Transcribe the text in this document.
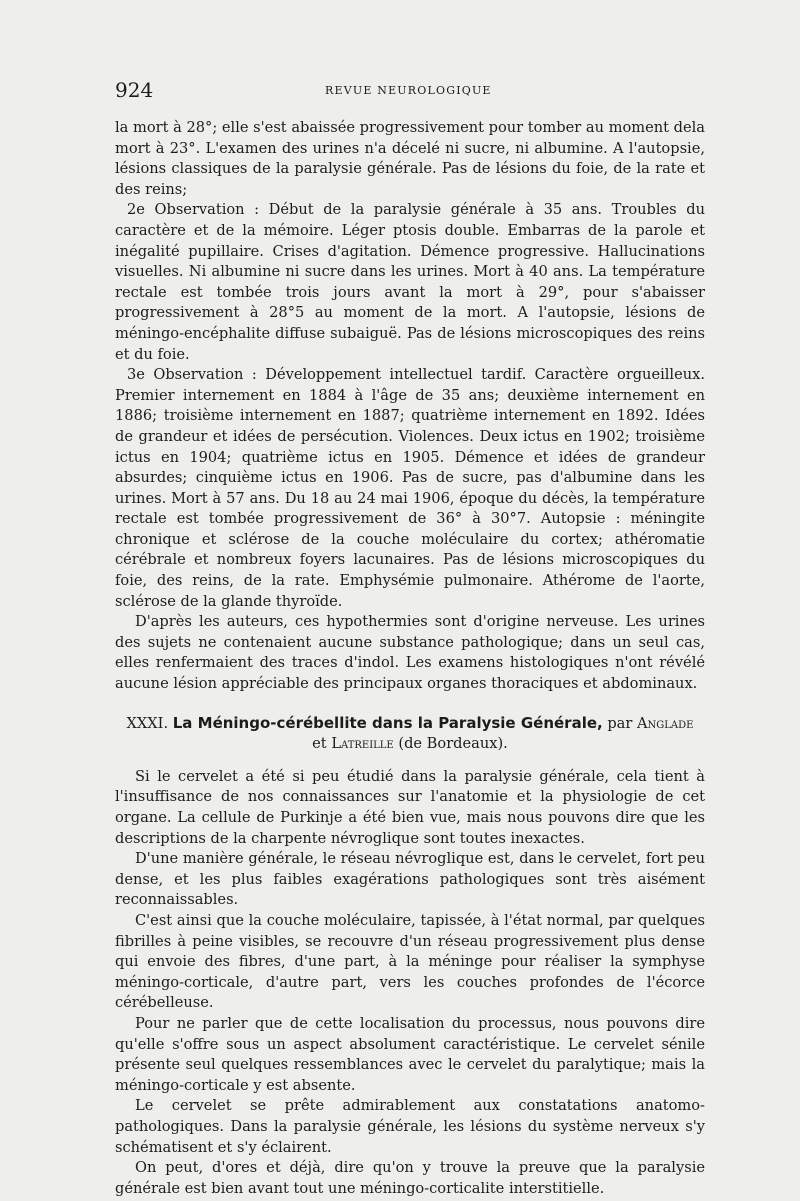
924	REVUE NEUROLOGIQUE

la mort à 28°; elle s'est abaissée progressivement pour tomber au moment dela mort à 23°. L'examen des urines n'a décelé ni sucre, ni albumine. A l'autopsie, lésions classiques de la paralysie générale. Pas de lésions du foie, de la rate et des reins;

2e Observation : Début de la paralysie générale à 35 ans. Troubles du caractère et de la mémoire. Léger ptosis double. Embarras de la parole et inégalité pupillaire. Crises d'agitation. Démence progressive. Hallucinations visuelles. Ni albumine ni sucre dans les urines. Mort à 40 ans. La température rectale est tombée trois jours avant la mort à 29°, pour s'abaisser progressivement à 28°5 au moment de la mort. A l'autopsie, lésions de méningo-encéphalite diffuse subaiguë. Pas de lésions microscopiques des reins et du foie.

3e Observation : Développement intellectuel tardif. Caractère orgueilleux. Premier internement en 1884 à l'âge de 35 ans; deuxième internement en 1886; troisième internement en 1887; quatrième internement en 1892. Idées de grandeur et idées de persécution. Violences. Deux ictus en 1902; troisième ictus en 1904; quatrième ictus en 1905. Démence et idées de grandeur absurdes; cinquième ictus en 1906. Pas de sucre, pas d'albumine dans les urines. Mort à 57 ans. Du 18 au 24 mai 1906, époque du décès, la température rectale est tombée progressivement de 36° à 30°7. Autopsie : méningite chronique et sclérose de la couche moléculaire du cortex; athéromatie cérébrale et nombreux foyers lacunaires. Pas de lésions microscopiques du foie, des reins, de la rate. Emphysémie pulmonaire. Athérome de l'aorte, sclérose de la glande thyroïde.

D'après les auteurs, ces hypothermies sont d'origine nerveuse. Les urines des sujets ne contenaient aucune substance pathologique; dans un seul cas, elles renfermaient des traces d'indol. Les examens histologiques n'ont révélé aucune lésion appréciable des principaux organes thoraciques et abdominaux.

XXXI. La Méningo-cérébellite dans la Paralysie Générale, par Anglade
et Latreille (de Bordeaux).

Si le cervelet a été si peu étudié dans la paralysie générale, cela tient à l'insuffisance de nos connaissances sur l'anatomie et la physiologie de cet organe. La cellule de Purkinje a été bien vue, mais nous pouvons dire que les descriptions de la charpente névroglique sont toutes inexactes.

D'une manière générale, le réseau névroglique est, dans le cervelet, fort peu dense, et les plus faibles exagérations pathologiques sont très aisément reconnaissables.

C'est ainsi que la couche moléculaire, tapissée, à l'état normal, par quelques fibrilles à peine visibles, se recouvre d'un réseau progressivement plus dense qui envoie des fibres, d'une part, à la méninge pour réaliser la symphyse méningo-corticale, d'autre part, vers les couches profondes de l'écorce cérébelleuse.

Pour ne parler que de cette localisation du processus, nous pouvons dire qu'elle s'offre sous un aspect absolument caractéristique. Le cervelet sénile présente seul quelques ressemblances avec le cervelet du paralytique; mais la méningo-corticale y est absente.

Le cervelet se prête admirablement aux constatations anatomo-pathologiques. Dans la paralysie générale, les lésions du système nerveux s'y schématisent et s'y éclairent.

On peut, d'ores et déjà, dire qu'on y trouve la preuve que la paralysie générale est bien avant tout une méningo-corticalite interstitielle.
